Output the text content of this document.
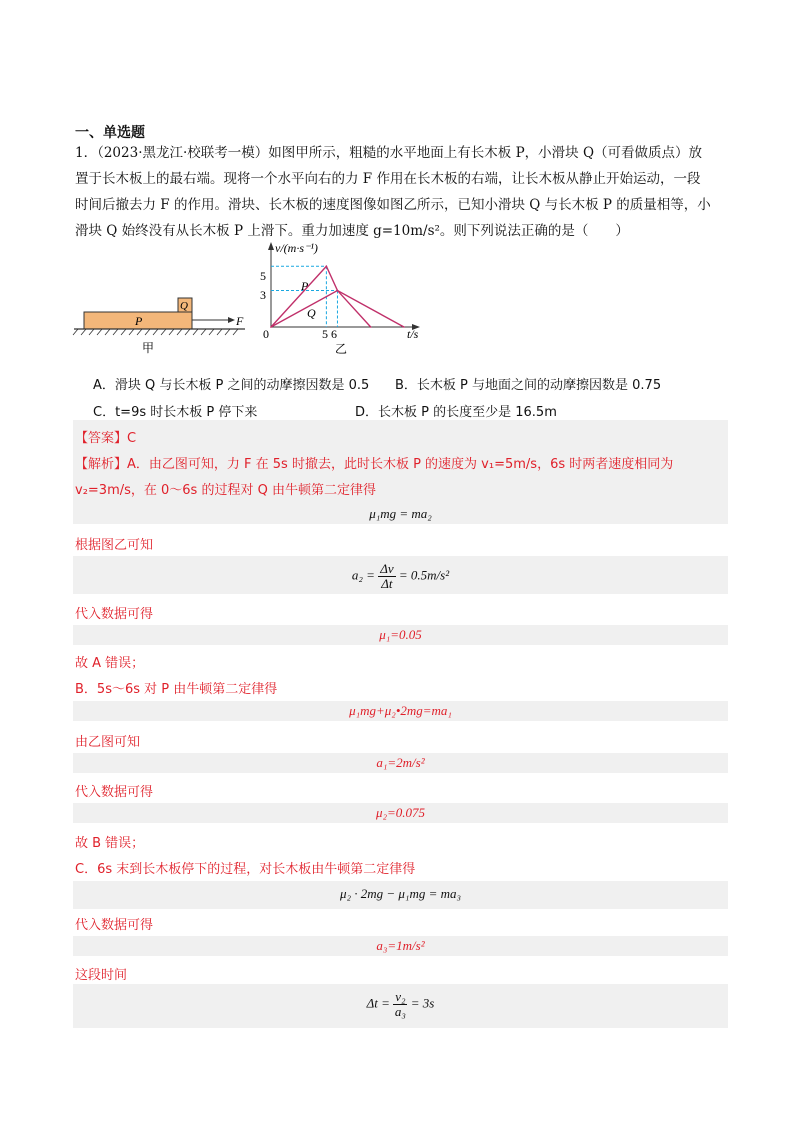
一、单选题
1．（2023·黑龙江·校联考一模）如图甲所示，粗糙的水平地面上有长木板 P，小滑块 Q（可看做质点）放
置于长木板上的最右端。现将一个水平向右的力 F 作用在长木板的右端，让长木板从静止开始运动，一段
时间后撤去力 F 的作用。滑块、长木板的速度图像如图乙所示，已知小滑块 Q 与长木板 P 的质量相等，小
滑块 Q 始终没有从长木板 P 上滑下。重力加速度 g=10m/s²。则下列说法正确的是（　　）
P
Q
F
甲
v/(m·s⁻¹)
5
3
0	5 6	t/s
P
Q
乙
A．滑块 Q 与长木板 P 之间的动摩擦因数是 0.5 B．长木板 P 与地面之间的动摩擦因数是 0.75
C．t=9s 时长木板 P 停下来	D．长木板 P 的长度至少是 16.5m
【答案】C
【解析】A．由乙图可知，力 F 在 5s 时撤去，此时长木板 P 的速度为 v₁=5m/s，6s 时两者速度相同为
v₂=3m/s，在 0～6s 的过程对 Q 由牛顿第二定律得
μ₁mg = ma₂
根据图乙可知
$a_2 = \frac{\Delta v}{\Delta t} = 0.5m/s^2$
代入数据可得
μ₁=0.05
故 A 错误；
B．5s～6s 对 P 由牛顿第二定律得
μ₁mg+μ₂•2mg=ma₁
由乙图可知
a₁=2m/s²
代入数据可得
μ₂=0.075
故 B 错误；
C．6s 末到长木板停下的过程，对长木板由牛顿第二定律得
μ₂ · 2mg − μ₁mg = ma₃
代入数据可得
a₃=1m/s²
这段时间
$\Delta t = \frac{\text{v₂}}{\text{a₃}} = 3s$
